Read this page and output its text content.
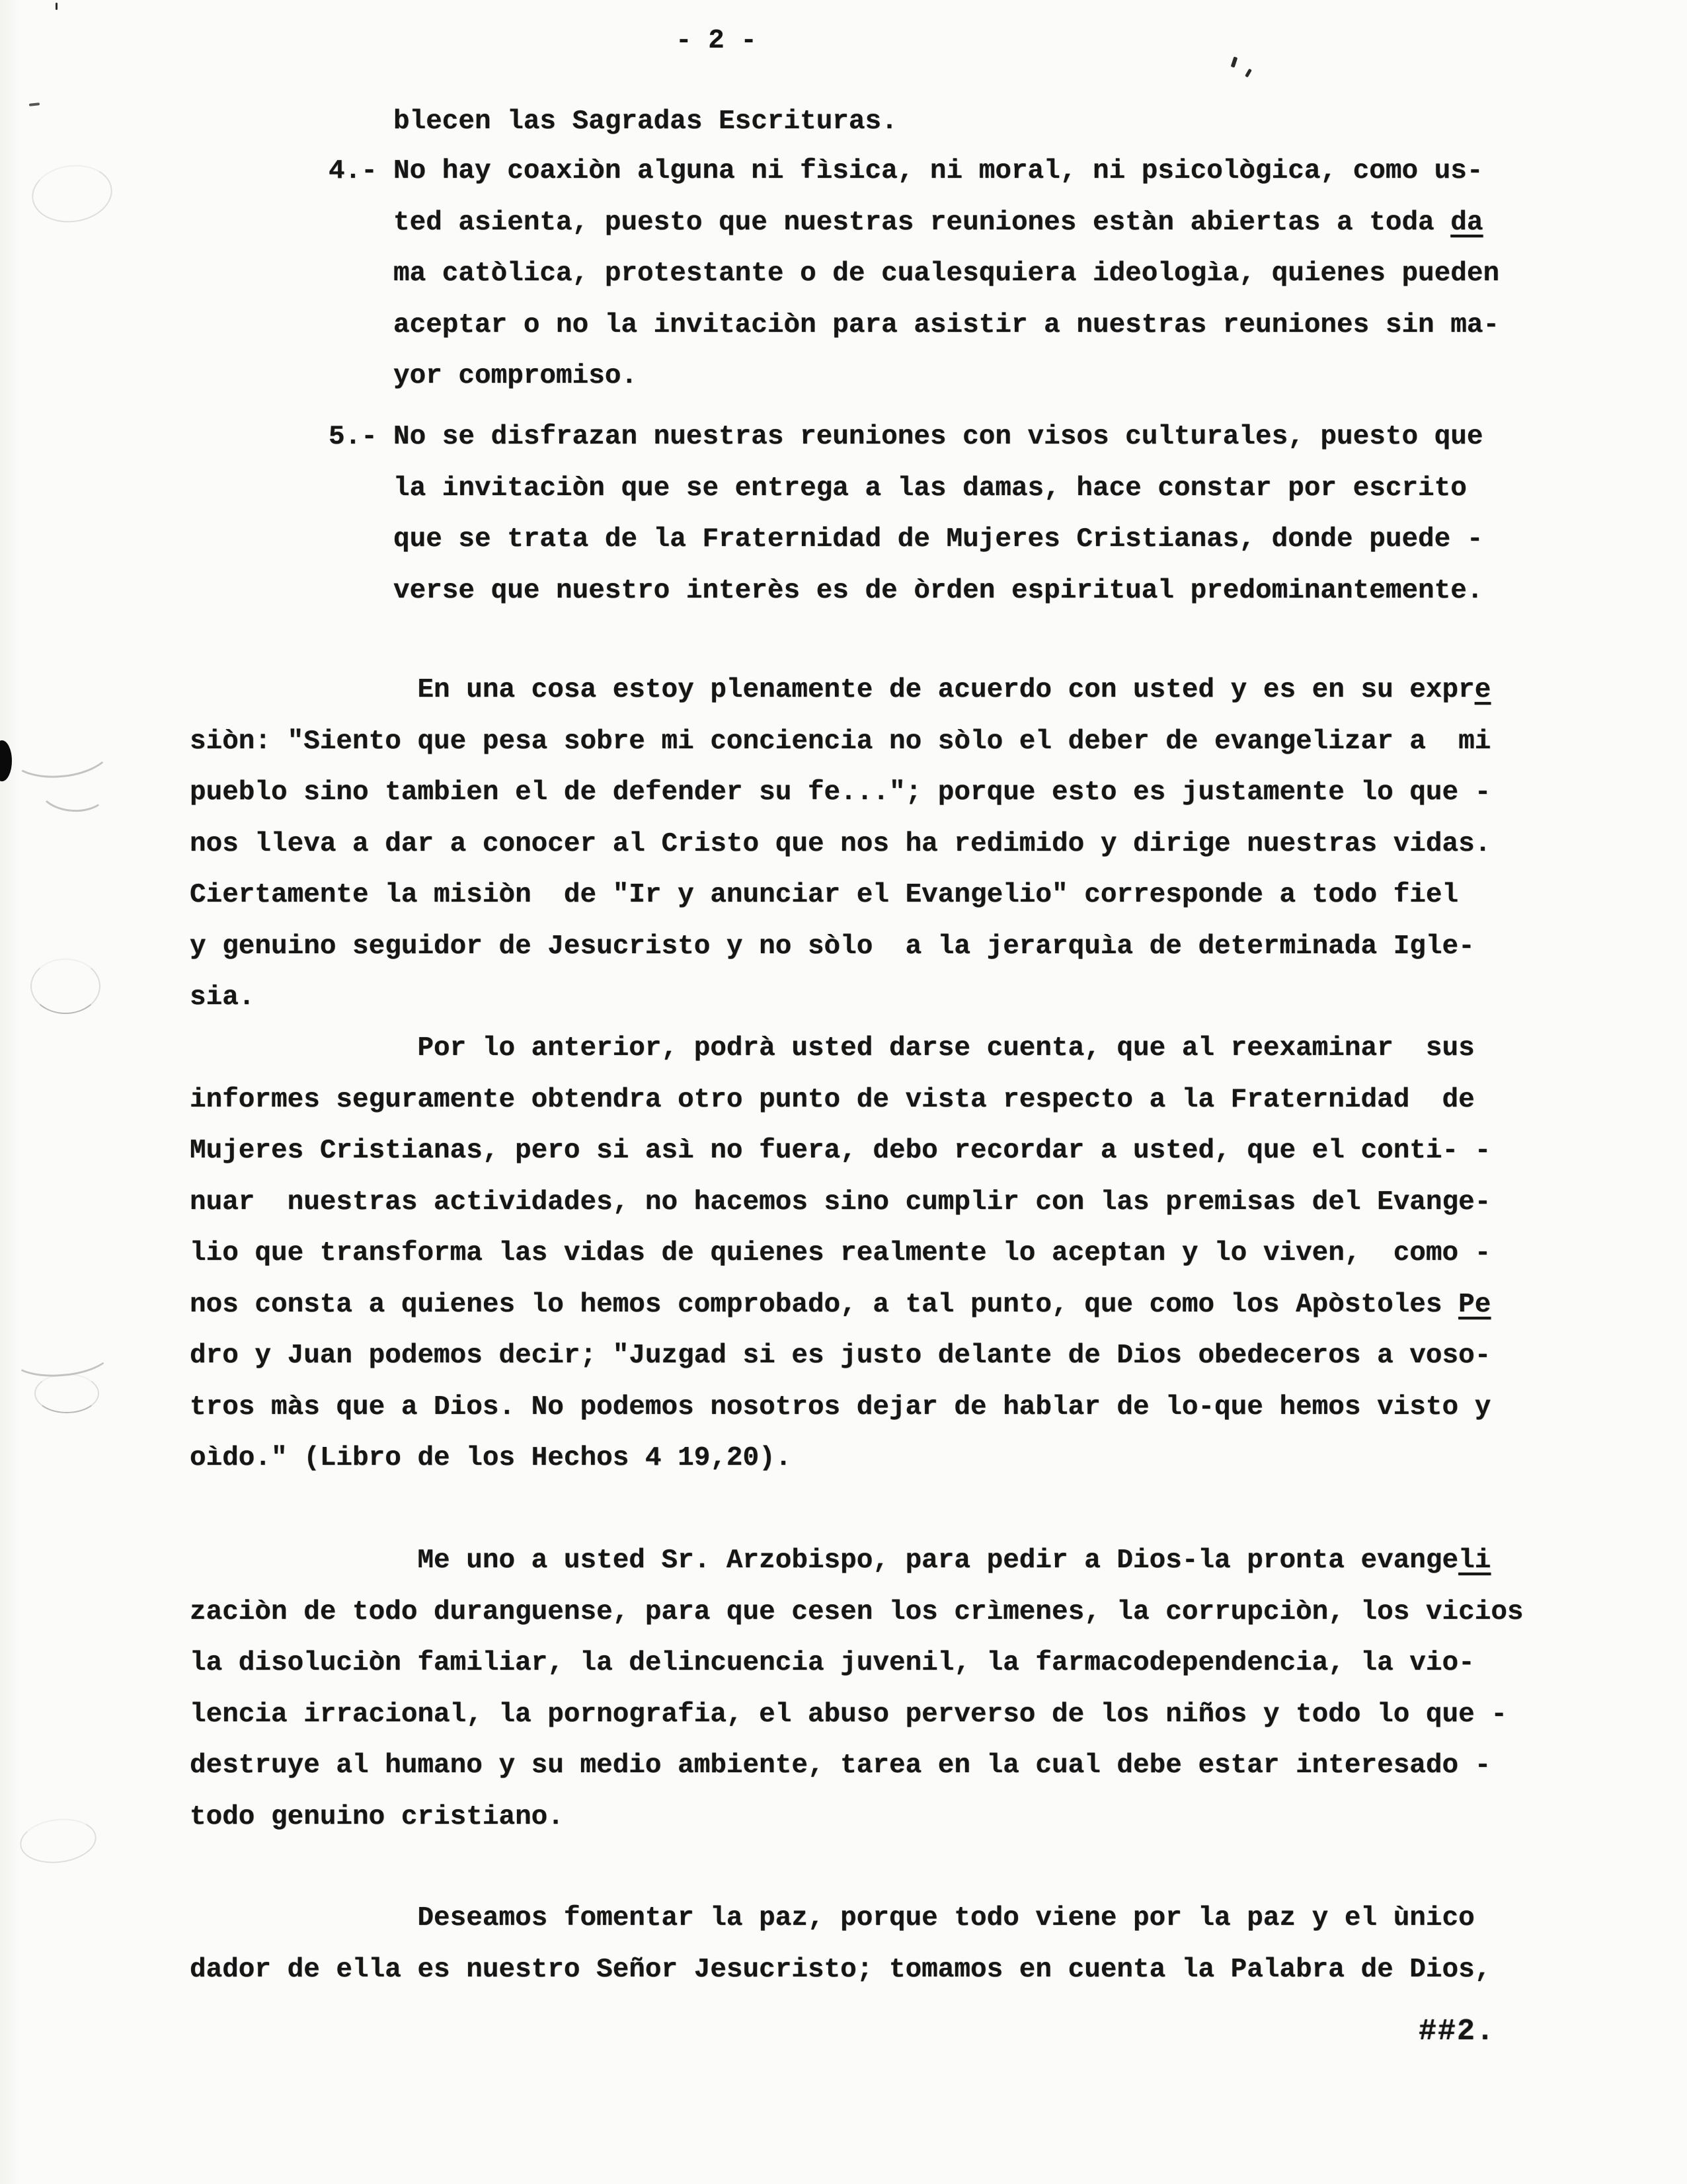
- 2 -
blecen las Sagradas Escrituras.
4.- No hay coaxiòn alguna ni fìsica, ni moral, ni psicològica, como us-
ted asienta, puesto que nuestras reuniones estàn abiertas a toda da
ma catòlica, protestante o de cualesquiera ideologìa, quienes pueden
aceptar o no la invitaciòn para asistir a nuestras reuniones sin ma-
yor compromiso.
5.- No se disfrazan nuestras reuniones con visos culturales, puesto que
la invitaciòn que se entrega a las damas, hace constar por escrito
que se trata de la Fraternidad de Mujeres Cristianas, donde puede -
verse que nuestro interès es de òrden espiritual predominantemente.
En una cosa estoy plenamente de acuerdo con usted y es en su expre
siòn: "Siento que pesa sobre mi conciencia no sòlo el deber de evangelizar a  mi
pueblo sino tambien el de defender su fe..."; porque esto es justamente lo que -
nos lleva a dar a conocer al Cristo que nos ha redimido y dirige nuestras vidas.
Ciertamente la misiòn  de "Ir y anunciar el Evangelio" corresponde a todo fiel
y genuino seguidor de Jesucristo y no sòlo  a la jerarquìa de determinada Igle-
sia.
Por lo anterior, podrà usted darse cuenta, que al reexaminar  sus
informes seguramente obtendra otro punto de vista respecto a la Fraternidad  de
Mujeres Cristianas, pero si asì no fuera, debo recordar a usted, que el conti- -
nuar  nuestras actividades, no hacemos sino cumplir con las premisas del Evange-
lio que transforma las vidas de quienes realmente lo aceptan y lo viven,  como -
nos consta a quienes lo hemos comprobado, a tal punto, que como los Apòstoles Pe
dro y Juan podemos decir; "Juzgad si es justo delante de Dios obedeceros a voso-
tros màs que a Dios. No podemos nosotros dejar de hablar de lo-que hemos visto y
oìdo." (Libro de los Hechos 4 19,20).
Me uno a usted Sr. Arzobispo, para pedir a Dios-la pronta evangeli
zaciòn de todo duranguense, para que cesen los crìmenes, la corrupciòn, los vicios
la disoluciòn familiar, la delincuencia juvenil, la farmacodependencia, la vio-
lencia irracional, la pornografia, el abuso perverso de los niños y todo lo que -
destruye al humano y su medio ambiente, tarea en la cual debe estar interesado -
todo genuino cristiano.
Deseamos fomentar la paz, porque todo viene por la paz y el ùnico
dador de ella es nuestro Señor Jesucristo; tomamos en cuenta la Palabra de Dios,
##2.
